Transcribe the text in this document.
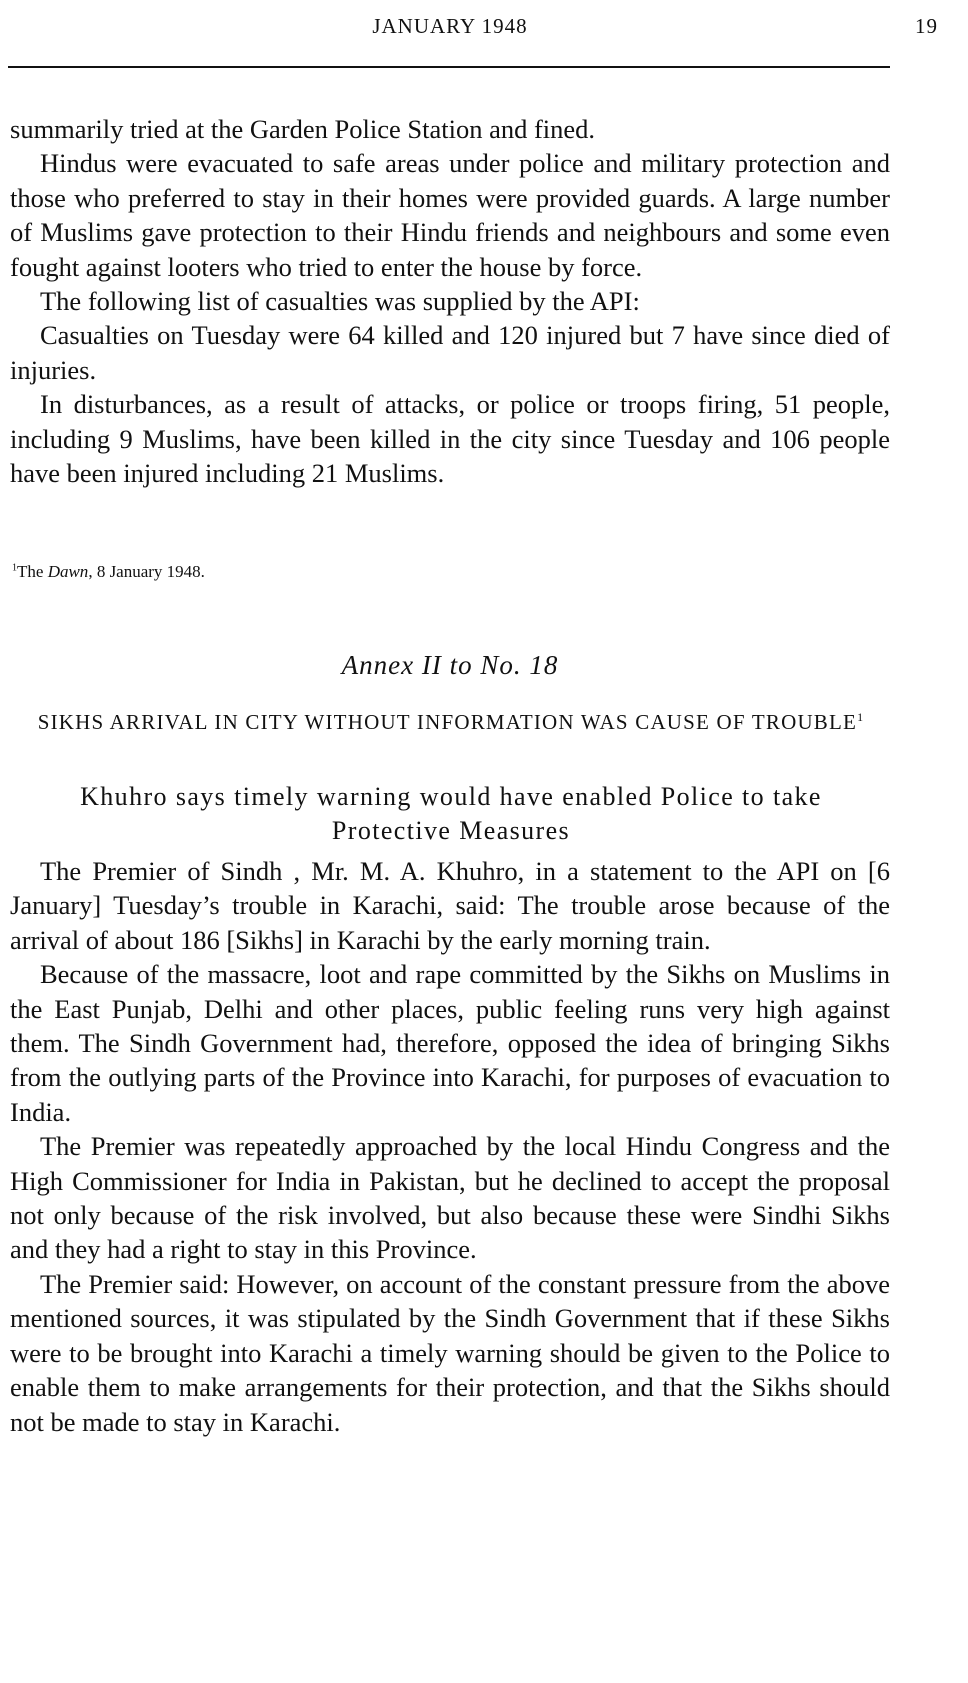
JANUARY 1948	19

summarily tried at the Garden Police Station and fined.

Hindus were evacuated to safe areas under police and military protection and those who preferred to stay in their homes were provided guards. A large number of Muslims gave protection to their Hindu friends and neighbours and some even fought against looters who tried to enter the house by force.

The following list of casualties was supplied by the API:

Casualties on Tuesday were 64 killed and 120 injured but 7 have since died of injuries.

In disturbances, as a result of attacks, or police or troops firing, 51 people, including 9 Muslims, have been killed in the city since Tuesday and 106 people have been injured including 21 Muslims.

$^1$The Dawn, 8 January 1948.
Annex II to No. 18
SIKHS ARRIVAL IN CITY WITHOUT INFORMATION WAS CAUSE OF TROUBLE$^1$
Khuhro says timely warning would have enabled Police to take Protective Measures

The Premier of Sindh , Mr. M. A. Khuhro, in a statement to the API on [6 January] Tuesday’s trouble in Karachi, said: The trouble arose because of the arrival of about 186 [Sikhs] in Karachi by the early morning train.

Because of the massacre, loot and rape committed by the Sikhs on Muslims in the East Punjab, Delhi and other places, public feeling runs very high against them. The Sindh Government had, therefore, opposed the idea of bringing Sikhs from the outlying parts of the Province into Karachi, for purposes of evacuation to India.

The Premier was repeatedly approached by the local Hindu Congress and the High Commissioner for India in Pakistan, but he declined to accept the proposal not only because of the risk involved, but also because these were Sindhi Sikhs and they had a right to stay in this Province.

The Premier said: However, on account of the constant pressure from the above mentioned sources, it was stipulated by the Sindh Government that if these Sikhs were to be brought into Karachi a timely warning should be given to the Police to enable them to make arrangements for their protection, and that the Sikhs should not be made to stay in Karachi.
